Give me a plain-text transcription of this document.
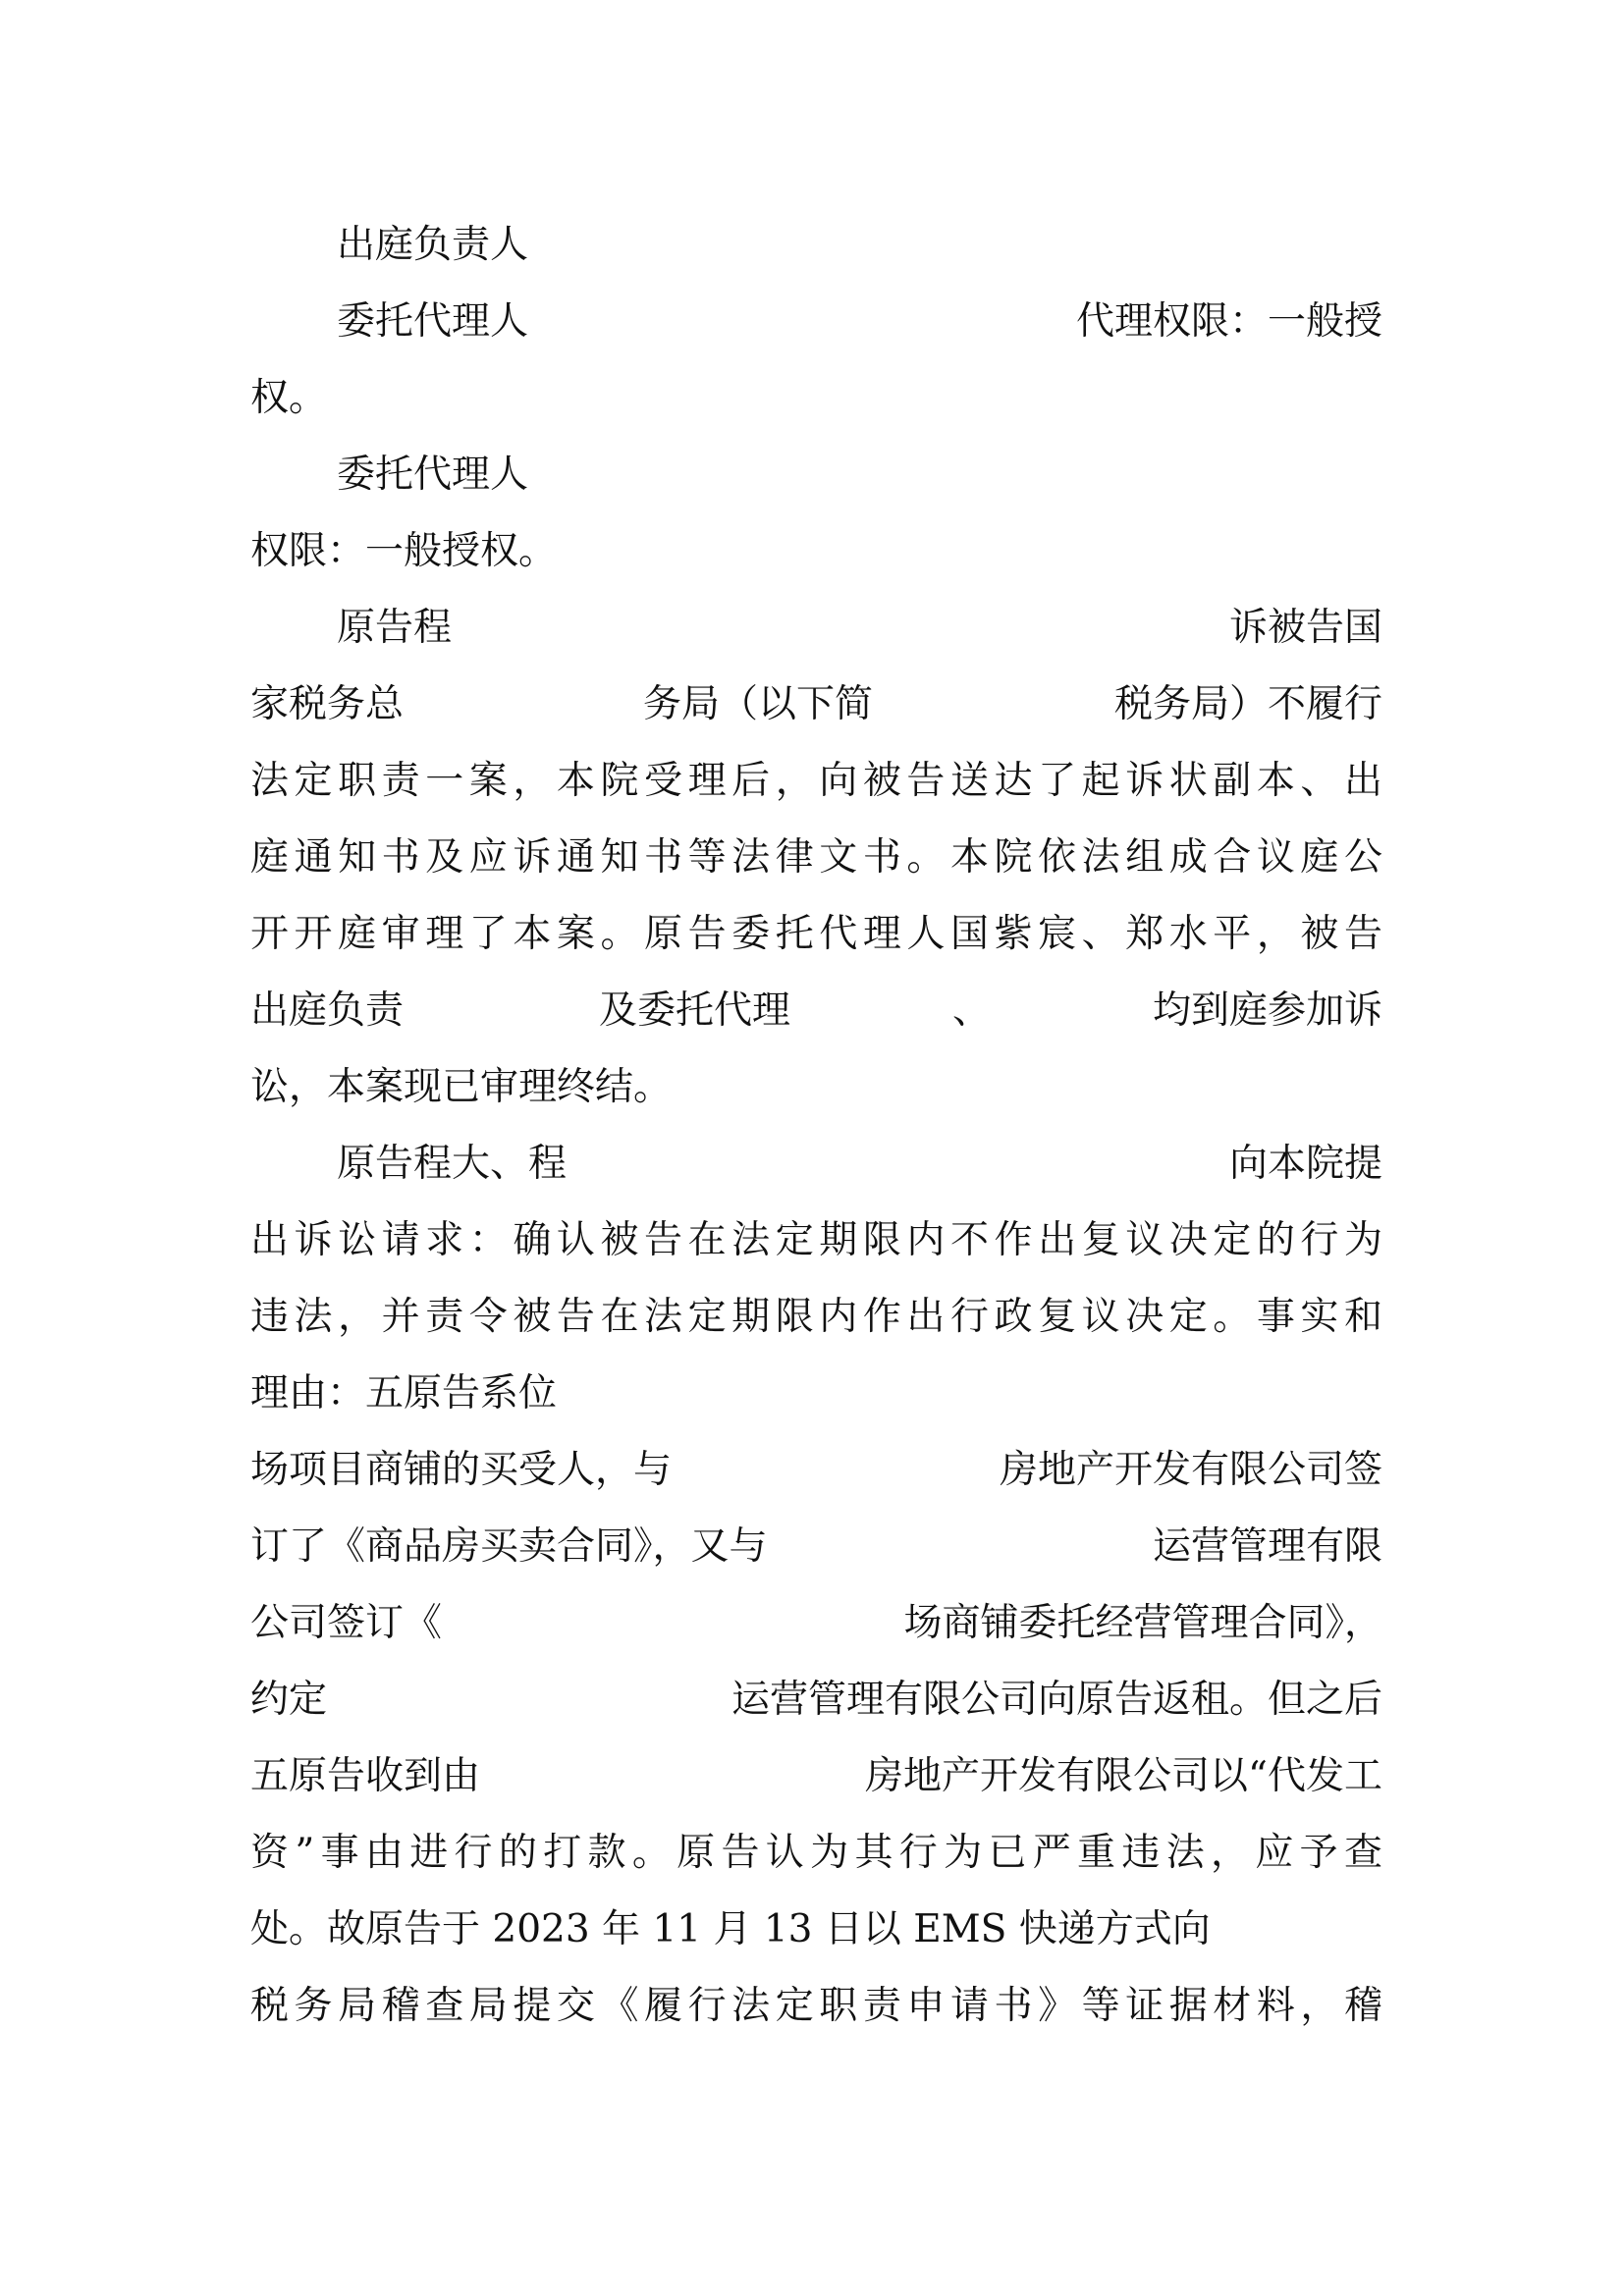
出庭负责人
委托代理人	代理权限：一般授
权。
委托代理人
权限：一般授权。
原告程	诉被告国
家税务总	务局（以下简	税务局）不履行
法定职责一案，本院受理后，向被告送达了起诉状副本、出
庭通知书及应诉通知书等法律文书。本院依法组成合议庭公
开开庭审理了本案。原告委托代理人国紫宸、郑水平，被告
出庭负责	及委托代理	、	均到庭参加诉
讼，本案现已审理终结。
原告程大、程	向本院提
出诉讼请求：确认被告在法定期限内不作出复议决定的行为
违法，并责令被告在法定期限内作出行政复议决定。事实和
理由：五原告系位
场项目商铺的买受人，与	房地产开发有限公司签
订了《商品房买卖合同》，又与	运营管理有限
公司签订《	场商铺委托经营管理合同》，
约定	运营管理有限公司向原告返租。但之后
五原告收到由	房地产开发有限公司以“代发工
资”事由进行的打款。原告认为其行为已严重违法，应予查
处。故原告于 2023 年 11 月 13 日以 EMS 快递方式向
税务局稽查局提交《履行法定职责申请书》等证据材料，稽
